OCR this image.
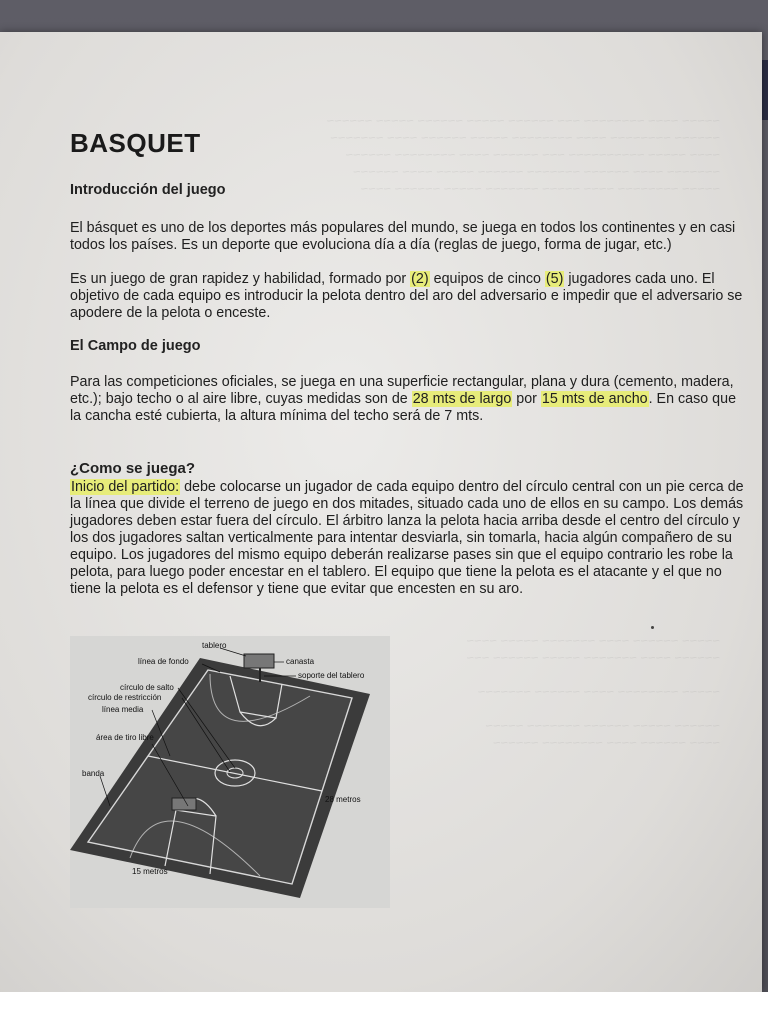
~~~~~ ~~~~ ~~~~~~~~ ~~~ ~~~~~~ ~~~~~ ~~~~~~ ~~~~~ ~~~~~~
~~~~~~ ~~~~~~~~ ~~~~ ~~~~~~~~ ~~~~~ ~~~~~~ ~~~~ ~~~~~~~
~~~~ ~~~~~ ~~~~~~~~~~ ~~~ ~~~~~~ ~~~~ ~~~~~~~~ ~~~~~~
~~~~~~~ ~~~~ ~~~~~~ ~~~~~~~ ~~~~~~ ~~~~~ ~~~~ ~~~~~~
~~~~~ ~~~~~~~~ ~~~~ ~~~~~ ~~~~~~~ ~~~~~ ~~~~~~ ~~~~
BASQUET
Introducción del juego

El básquet es uno de los deportes más populares del mundo, se juega en todos los continentes y en casi todos los países. Es un deporte que evoluciona día a día (reglas de juego, forma de jugar, etc.)

Es un juego de gran rapidez y habilidad, formado por (2) equipos de cinco (5) jugadores cada uno. El objetivo de cada equipo es introducir la pelota dentro del aro del adversario e impedir que el adversario se apodere de la pelota o enceste.

El Campo de juego

Para las competiciones oficiales, se juega en una superficie rectangular, plana y dura (cemento, madera, etc.); bajo techo o al aire libre, cuyas medidas son de 28 mts de largo por 15 mts de ancho. En caso que la cancha esté cubierta, la altura mínima del techo será de 7 mts.

¿Como se juega?

Inicio del partido: debe colocarse un jugador de cada equipo dentro del círculo central con un pie cerca de la línea que divide el terreno de juego en dos mitades, situado cada uno de ellos en su campo. Los demás jugadores deben estar fuera del círculo. El árbitro lanza la pelota hacia arriba desde el centro del círculo y los dos jugadores saltan verticalmente para intentar desviarla, sin tomarla, hacia algún compañero de su equipo. Los jugadores del mismo equipo deberán realizarse pases sin que el equipo contrario les robe la pelota, para luego poder encestar en el tablero. El equipo que tiene la pelota es el atacante y el que no tiene la pelota es el defensor y tiene que evitar que encesten en su aro.

tablero
línea de fondo	canasta
soporte del tablero
círculo de salto
círculo de restricción
línea media
área de tiro libre
banda
28 metros
15 metros
~~~~~ ~~~~~~ ~~~~ ~~~~~~~ ~~~~~ ~~~~
~~~~~~ ~~~~ ~~~~~~~ ~~~~~ ~~~~~~ ~~~

~~~~~ ~~~~~~~~ ~~~~ ~~~~~~ ~~~~~~~

~~~~~~ ~~~~~ ~~~~~~ ~~~~~~~ ~~~~~
~~~~ ~~~~~~ ~~~~ ~~~~~~~~ ~~~~~~
